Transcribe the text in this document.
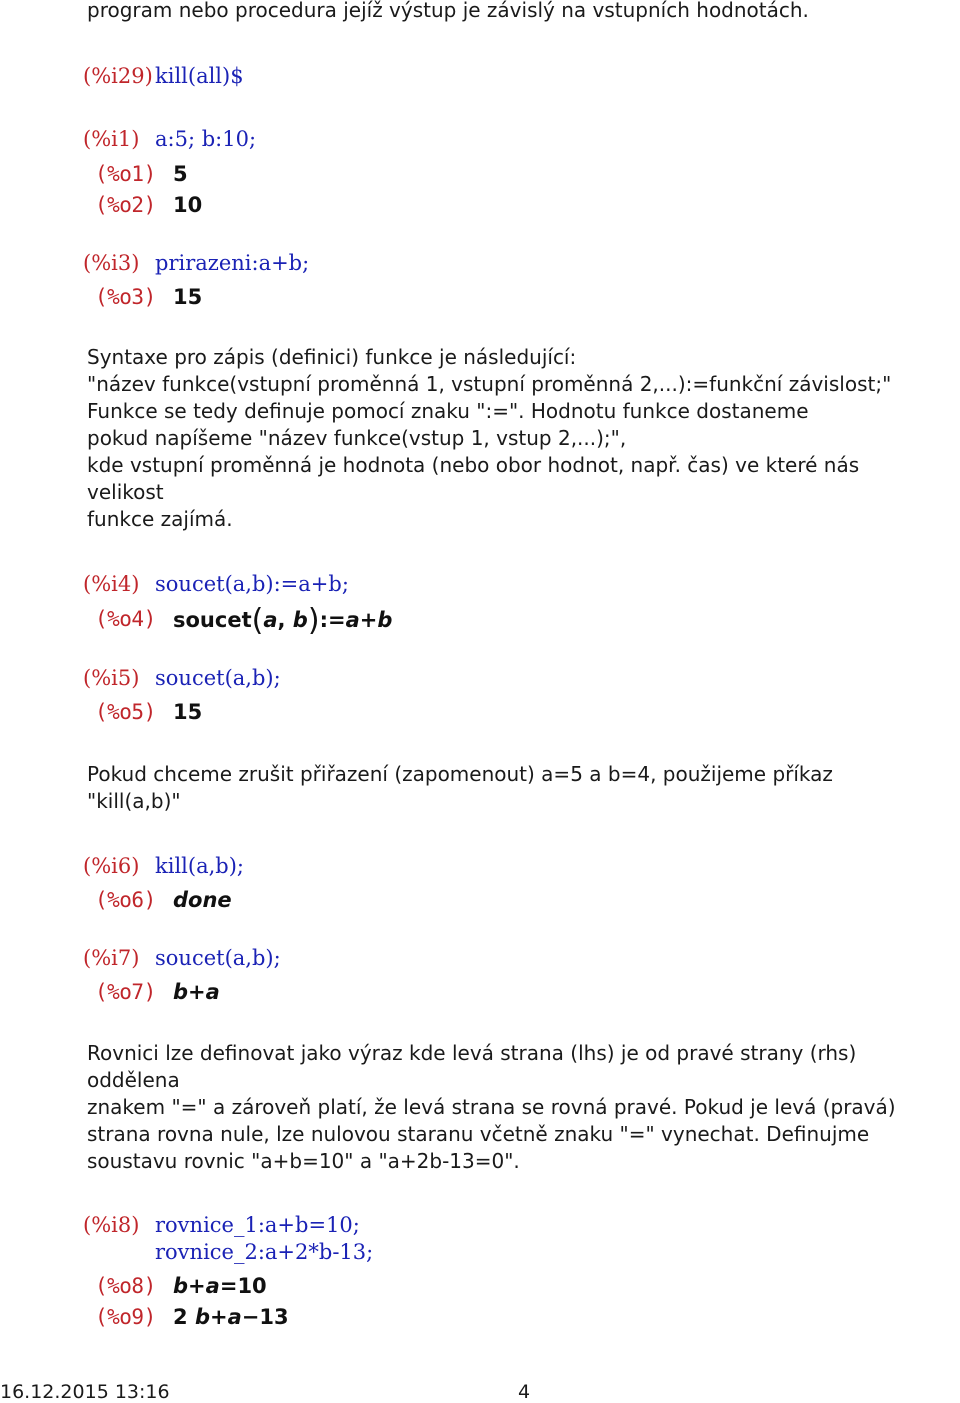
program nebo procedura jejíž výstup je závislý na vstupních hodnotách.
(%i29) kill(all)$
(%i1) a:5; b:10;
(%o1) 5
(%o2) 10
(%i3) prirazeni:a+b;
(%o3) 15
Syntaxe pro zápis (definici) funkce je následující:
"název funkce(vstupní proměnná 1, vstupní proměnná 2,...):=funkční závislost;"
Funkce se tedy definuje pomocí znaku ":=". Hodnotu funkce dostaneme
pokud napíšeme "název funkce(vstup 1, vstup 2,...);",
kde vstupní proměnná je hodnota (nebo obor hodnot, např. čas) ve které nás
velikost
funkce zajímá.
(%i4) soucet(a,b):=a+b;
(%o4) soucet(a, b):=a+b
(%i5) soucet(a,b);
(%o5) 15
Pokud chceme zrušit přiřazení (zapomenout) a=5 a b=4, použijeme příkaz
"kill(a,b)"
(%i6) kill(a,b);
(%o6) done
(%i7) soucet(a,b);
(%o7) b+a
Rovnici lze definovat jako výraz kde levá strana (lhs) je od pravé strany (rhs)
oddělena
znakem "=" a zároveň platí, že levá strana se rovná pravé. Pokud je levá (pravá)
strana rovna nule, lze nulovou staranu včetně znaku "=" vynechat. Definujme
soustavu rovnic "a+b=10" a "a+2b-13=0".
(%i8) rovnice_1:a+b=10;
rovnice_2:a+2*b-13;
(%o8) b+a=10
(%o9) 2 b+a−13
16.12.2015 13:16	4
